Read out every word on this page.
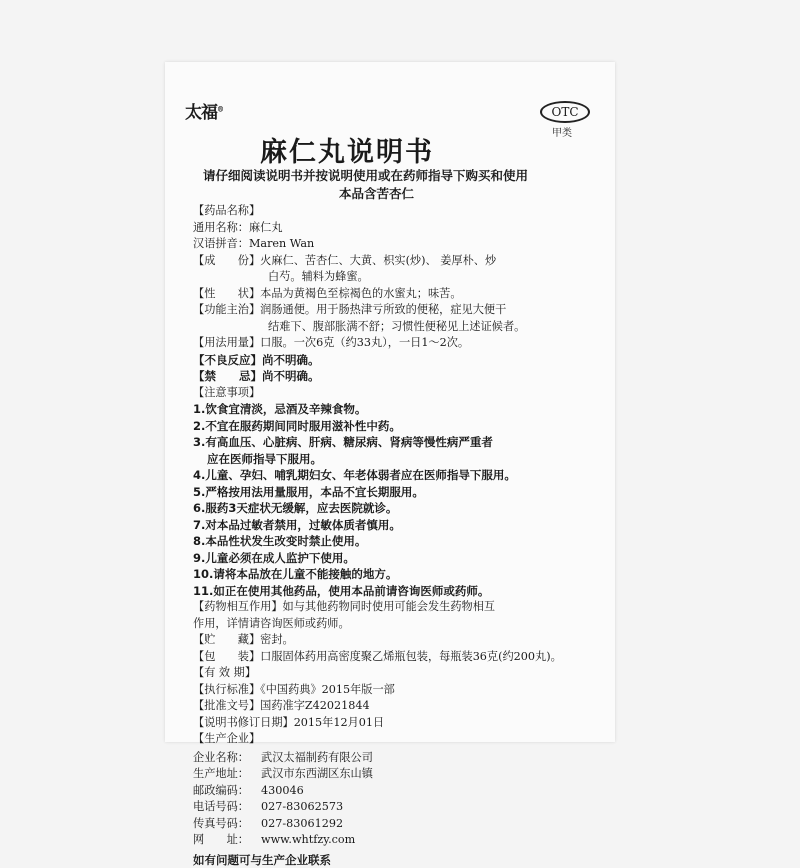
太福®	OTC
甲类
麻仁丸说明书
请仔细阅读说明书并按说明使用或在药师指导下购买和使用
本品含苦杏仁
【药品名称】
通用名称：麻仁丸
汉语拼音：Maren Wan
【成　　份】火麻仁、苦杏仁、大黄、枳实(炒)、 姜厚朴、炒
白芍。辅料为蜂蜜。
【性　　状】本品为黄褐色至棕褐色的水蜜丸；味苦。
【功能主治】润肠通便。用于肠热津亏所致的便秘，症见大便干
结难下、腹部胀满不舒；习惯性便秘见上述证候者。
【用法用量】口服。一次6克（约33丸），一日1～2次。
【不良反应】尚不明确。
【禁　　忌】尚不明确。
【注意事项】
1.饮食宜清淡，忌酒及辛辣食物。
2.不宜在服药期间同时服用滋补性中药。
3.有高血压、心脏病、肝病、糖尿病、肾病等慢性病严重者
应在医师指导下服用。
4.儿童、孕妇、哺乳期妇女、年老体弱者应在医师指导下服用。
5.严格按用法用量服用，本品不宜长期服用。
6.服药3天症状无缓解，应去医院就诊。
7.对本品过敏者禁用，过敏体质者慎用。
8.本品性状发生改变时禁止使用。
9.儿童必须在成人监护下使用。
10.请将本品放在儿童不能接触的地方。
11.如正在使用其他药品，使用本品前请咨询医师或药师。
【药物相互作用】如与其他药物同时使用可能会发生药物相互
作用，详情请咨询医师或药师。
【贮　　藏】密封。
【包　　装】口服固体药用高密度聚乙烯瓶包装，每瓶装36克(约200丸)。
【有 效 期】
【执行标准】《中国药典》2015年版一部
【批准文号】国药准字Z42021844
【说明书修订日期】2015年12月01日
【生产企业】
企业名称： 武汉太福制药有限公司
生产地址： 武汉市东西湖区东山镇
邮政编码： 430046
电话号码： 027-83062573
传真号码： 027-83061292
网　　址： www.whtfzy.com
如有问题可与生产企业联系
